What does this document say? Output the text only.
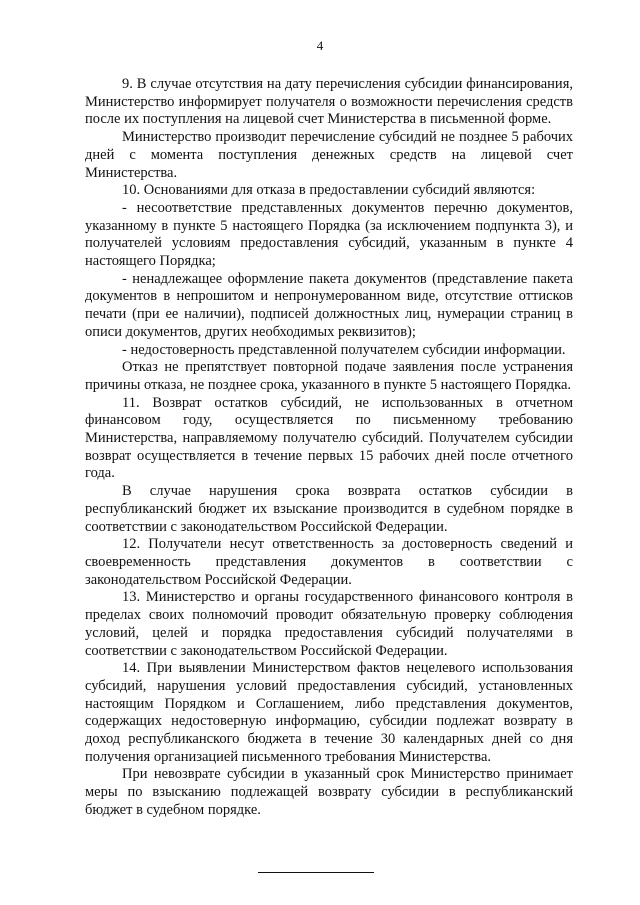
4

9. В случае отсутствия на дату перечисления субсидии финансирования, Министерство информирует получателя о возможности перечисления средств после их поступления на лицевой счет Министерства в письменной форме.

Министерство производит перечисление субсидий не позднее 5 рабочих дней с момента поступления денежных средств на лицевой счет Министерства.

10. Основаниями для отказа в предоставлении субсидий являются:

- несоответствие представленных документов перечню документов, указанному в пункте 5 настоящего Порядка (за исключением подпункта 3), и получателей условиям предоставления субсидий, указанным в пункте 4 настоящего Порядка;

- ненадлежащее оформление пакета документов (представление пакета документов в непрошитом и непронумерованном виде, отсутствие оттисков печати (при ее наличии), подписей должностных лиц, нумерации страниц в описи документов, других необходимых реквизитов);

- недостоверность представленной получателем субсидии информации.

Отказ не препятствует повторной подаче заявления после устранения причины отказа, не позднее срока, указанного в пункте 5 настоящего Порядка.

11. Возврат остатков субсидий, не использованных в отчетном финансовом году, осуществляется по письменному требованию Министерства, направляемому получателю субсидий. Получателем субсидии возврат осуществляется в течение первых 15 рабочих дней после отчетного года.

В случае нарушения срока возврата остатков субсидии в республиканский бюджет их взыскание производится в судебном порядке в соответствии с законодательством Российской Федерации.

12. Получатели несут ответственность за достоверность сведений и своевременность представления документов в соответствии с законодательством Российской Федерации.

13. Министерство и органы государственного финансового контроля в пределах своих полномочий проводит обязательную проверку соблюдения условий, целей и порядка предоставления субсидий получателями в соответствии с законодательством Российской Федерации.

14. При выявлении Министерством фактов нецелевого использования субсидий, нарушения условий предоставления субсидий, установленных настоящим Порядком и Соглашением, либо представления документов, содержащих недостоверную информацию, субсидии подлежат возврату в доход республиканского бюджета в течение 30 календарных дней со дня получения организацией письменного требования Министерства.

При невозврате субсидии в указанный срок Министерство принимает меры по взысканию подлежащей возврату субсидии в республиканский бюджет в судебном порядке.
